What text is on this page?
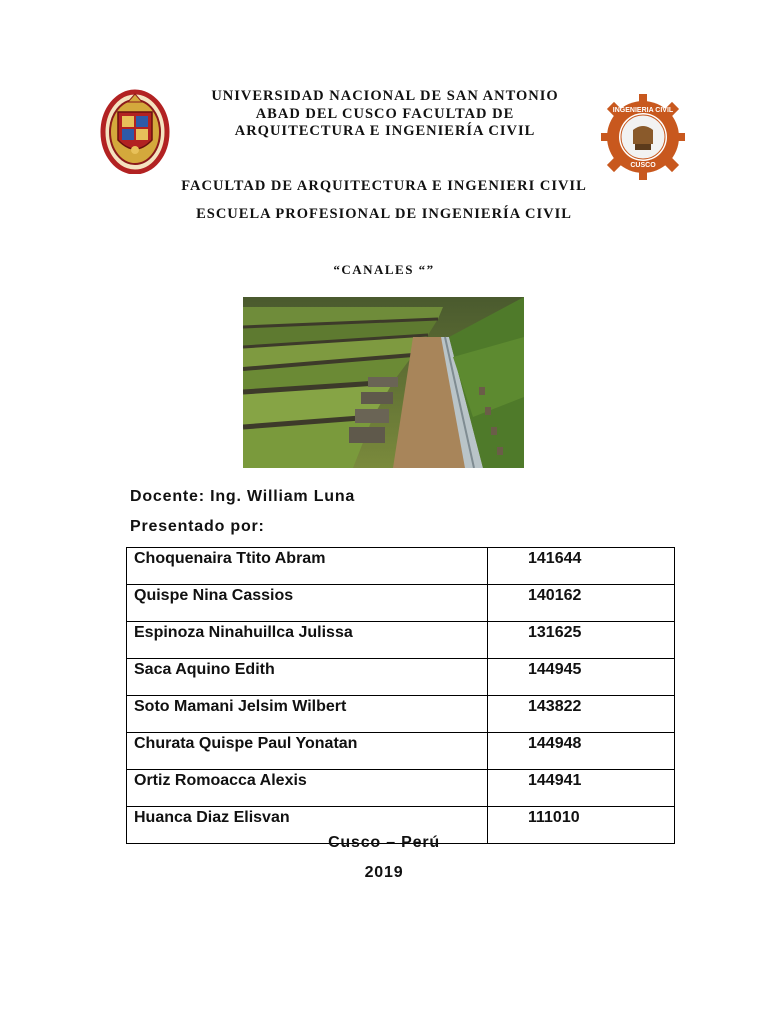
UNIVERSIDAD NACIONAL DE SAN ANTONIO
ABAD DEL CUSCO FACULTAD DE
ARQUITECTURA E INGENIERÍA CIVIL
INGENIERIA CIVIL
CUSCO
FACULTAD DE ARQUITECTURA E INGENIERI CIVIL
ESCUELA PROFESIONAL DE INGENIERÍA CIVIL
“CANALES “”
Docente: Ing. William Luna
Presentado por:
Choquenaira Ttito Abram	141644
Quispe Nina Cassios	140162
Espinoza Ninahuillca Julissa	131625
Saca Aquino Edith	144945
Soto Mamani Jelsim Wilbert	143822
Churata Quispe Paul Yonatan	144948
Ortiz Romoacca Alexis	144941
Huanca Diaz Elisvan	111010
Cusco – Perú
2019
